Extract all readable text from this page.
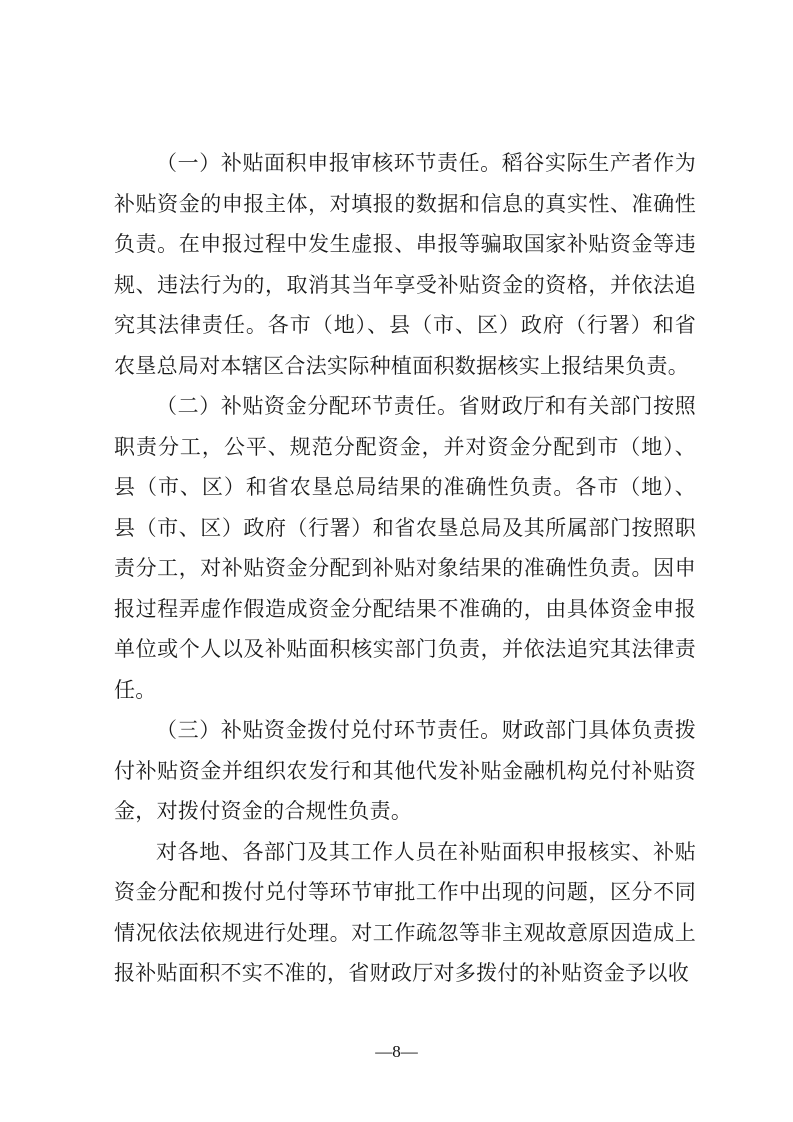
（一）补贴面积申报审核环节责任。稻谷实际生产者作为补贴资金的申报主体，对填报的数据和信息的真实性、准确性负责。在申报过程中发生虚报、串报等骗取国家补贴资金等违规、违法行为的，取消其当年享受补贴资金的资格，并依法追究其法律责任。各市（地）、县（市、区）政府（行署）和省农垦总局对本辖区合法实际种植面积数据核实上报结果负责。

（二）补贴资金分配环节责任。省财政厅和有关部门按照职责分工，公平、规范分配资金，并对资金分配到市（地）、县（市、区）和省农垦总局结果的准确性负责。各市（地）、县（市、区）政府（行署）和省农垦总局及其所属部门按照职责分工，对补贴资金分配到补贴对象结果的准确性负责。因申报过程弄虚作假造成资金分配结果不准确的，由具体资金申报单位或个人以及补贴面积核实部门负责，并依法追究其法律责任。

（三）补贴资金拨付兑付环节责任。财政部门具体负责拨付补贴资金并组织农发行和其他代发补贴金融机构兑付补贴资金，对拨付资金的合规性负责。

对各地、各部门及其工作人员在补贴面积申报核实、补贴资金分配和拨付兑付等环节审批工作中出现的问题，区分不同情况依法依规进行处理。对工作疏忽等非主观故意原因造成上报补贴面积不实不准的，省财政厅对多拨付的补贴资金予以收

—8—
